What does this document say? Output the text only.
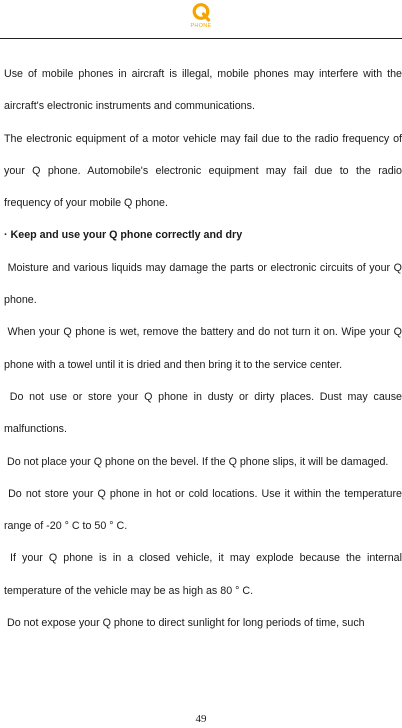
PHONE

Use of mobile phones in aircraft is illegal, mobile phones may interfere with the aircraft's electronic instruments and communications.

The electronic equipment of a motor vehicle may fail due to the radio frequency of your Q phone. Automobile's electronic equipment may fail due to the radio frequency of your mobile Q phone.

· Keep and use your Q phone correctly and dry

Moisture and various liquids may damage the parts or electronic circuits of your Q phone.

When your Q phone is wet, remove the battery and do not turn it on. Wipe your Q phone with a towel until it is dried and then bring it to the service center.

Do not use or store your Q phone in dusty or dirty places. Dust may cause malfunctions.

Do not place your Q phone on the bevel. If the Q phone slips, it will be damaged.

Do not store your Q phone in hot or cold locations. Use it within the temperature range of -20 ° C to 50 ° C.

If your Q phone is in a closed vehicle, it may explode because the internal temperature of the vehicle may be as high as 80 ° C.

Do not expose your Q phone to direct sunlight for long periods of time, such

49
